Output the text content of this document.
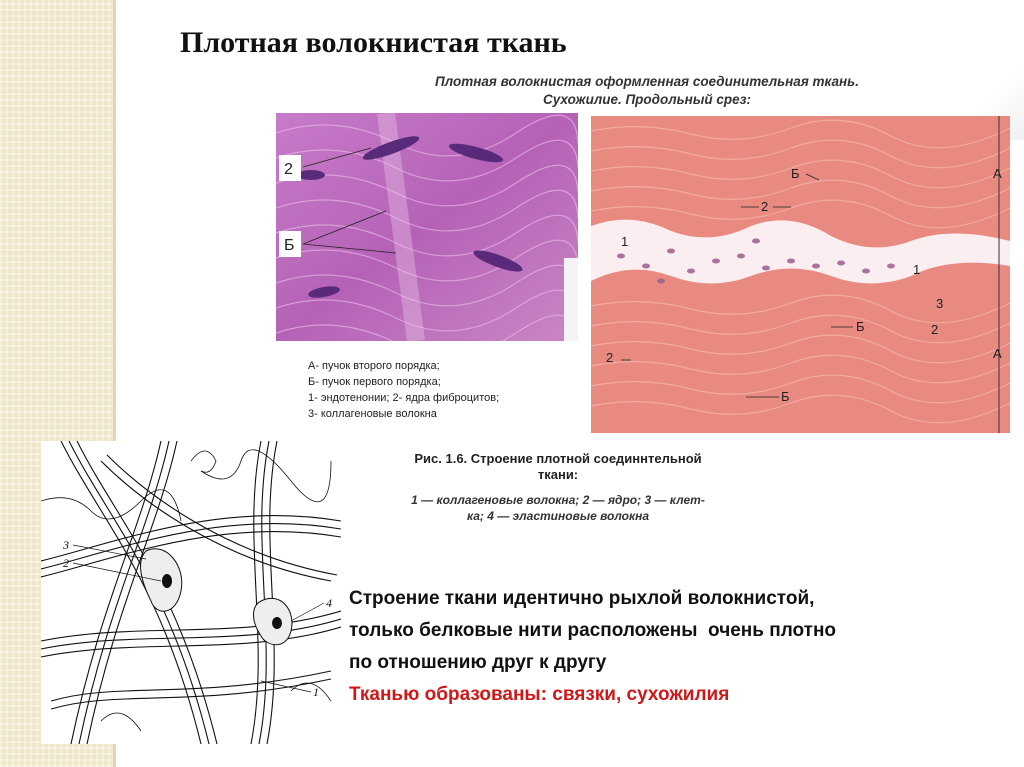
Плотная волокнистая ткань
Плотная волокнистая оформленная соединительная ткань.
Сухожилие. Продольный срез:
2
Б
Б
2
1
1
3
2
Б
2
Б
A
A
А- пучок второго порядка;
Б- пучок первого порядка;
1- эндотенонии; 2- ядра фиброцитов;
3- коллагеновые волокна
Рис. 1.6. Строение плотной соединнтельной
ткани:
1 — коллагеновые волокна; 2 — ядро; 3 — клет-
ка; 4 — эластиновые волокна
3
2
4
1
Строение ткани идентично рыхлой волокнистой,
только белковые нити расположены  очень плотно
по отношению друг к другу
Тканью образованы: связки, сухожилия
